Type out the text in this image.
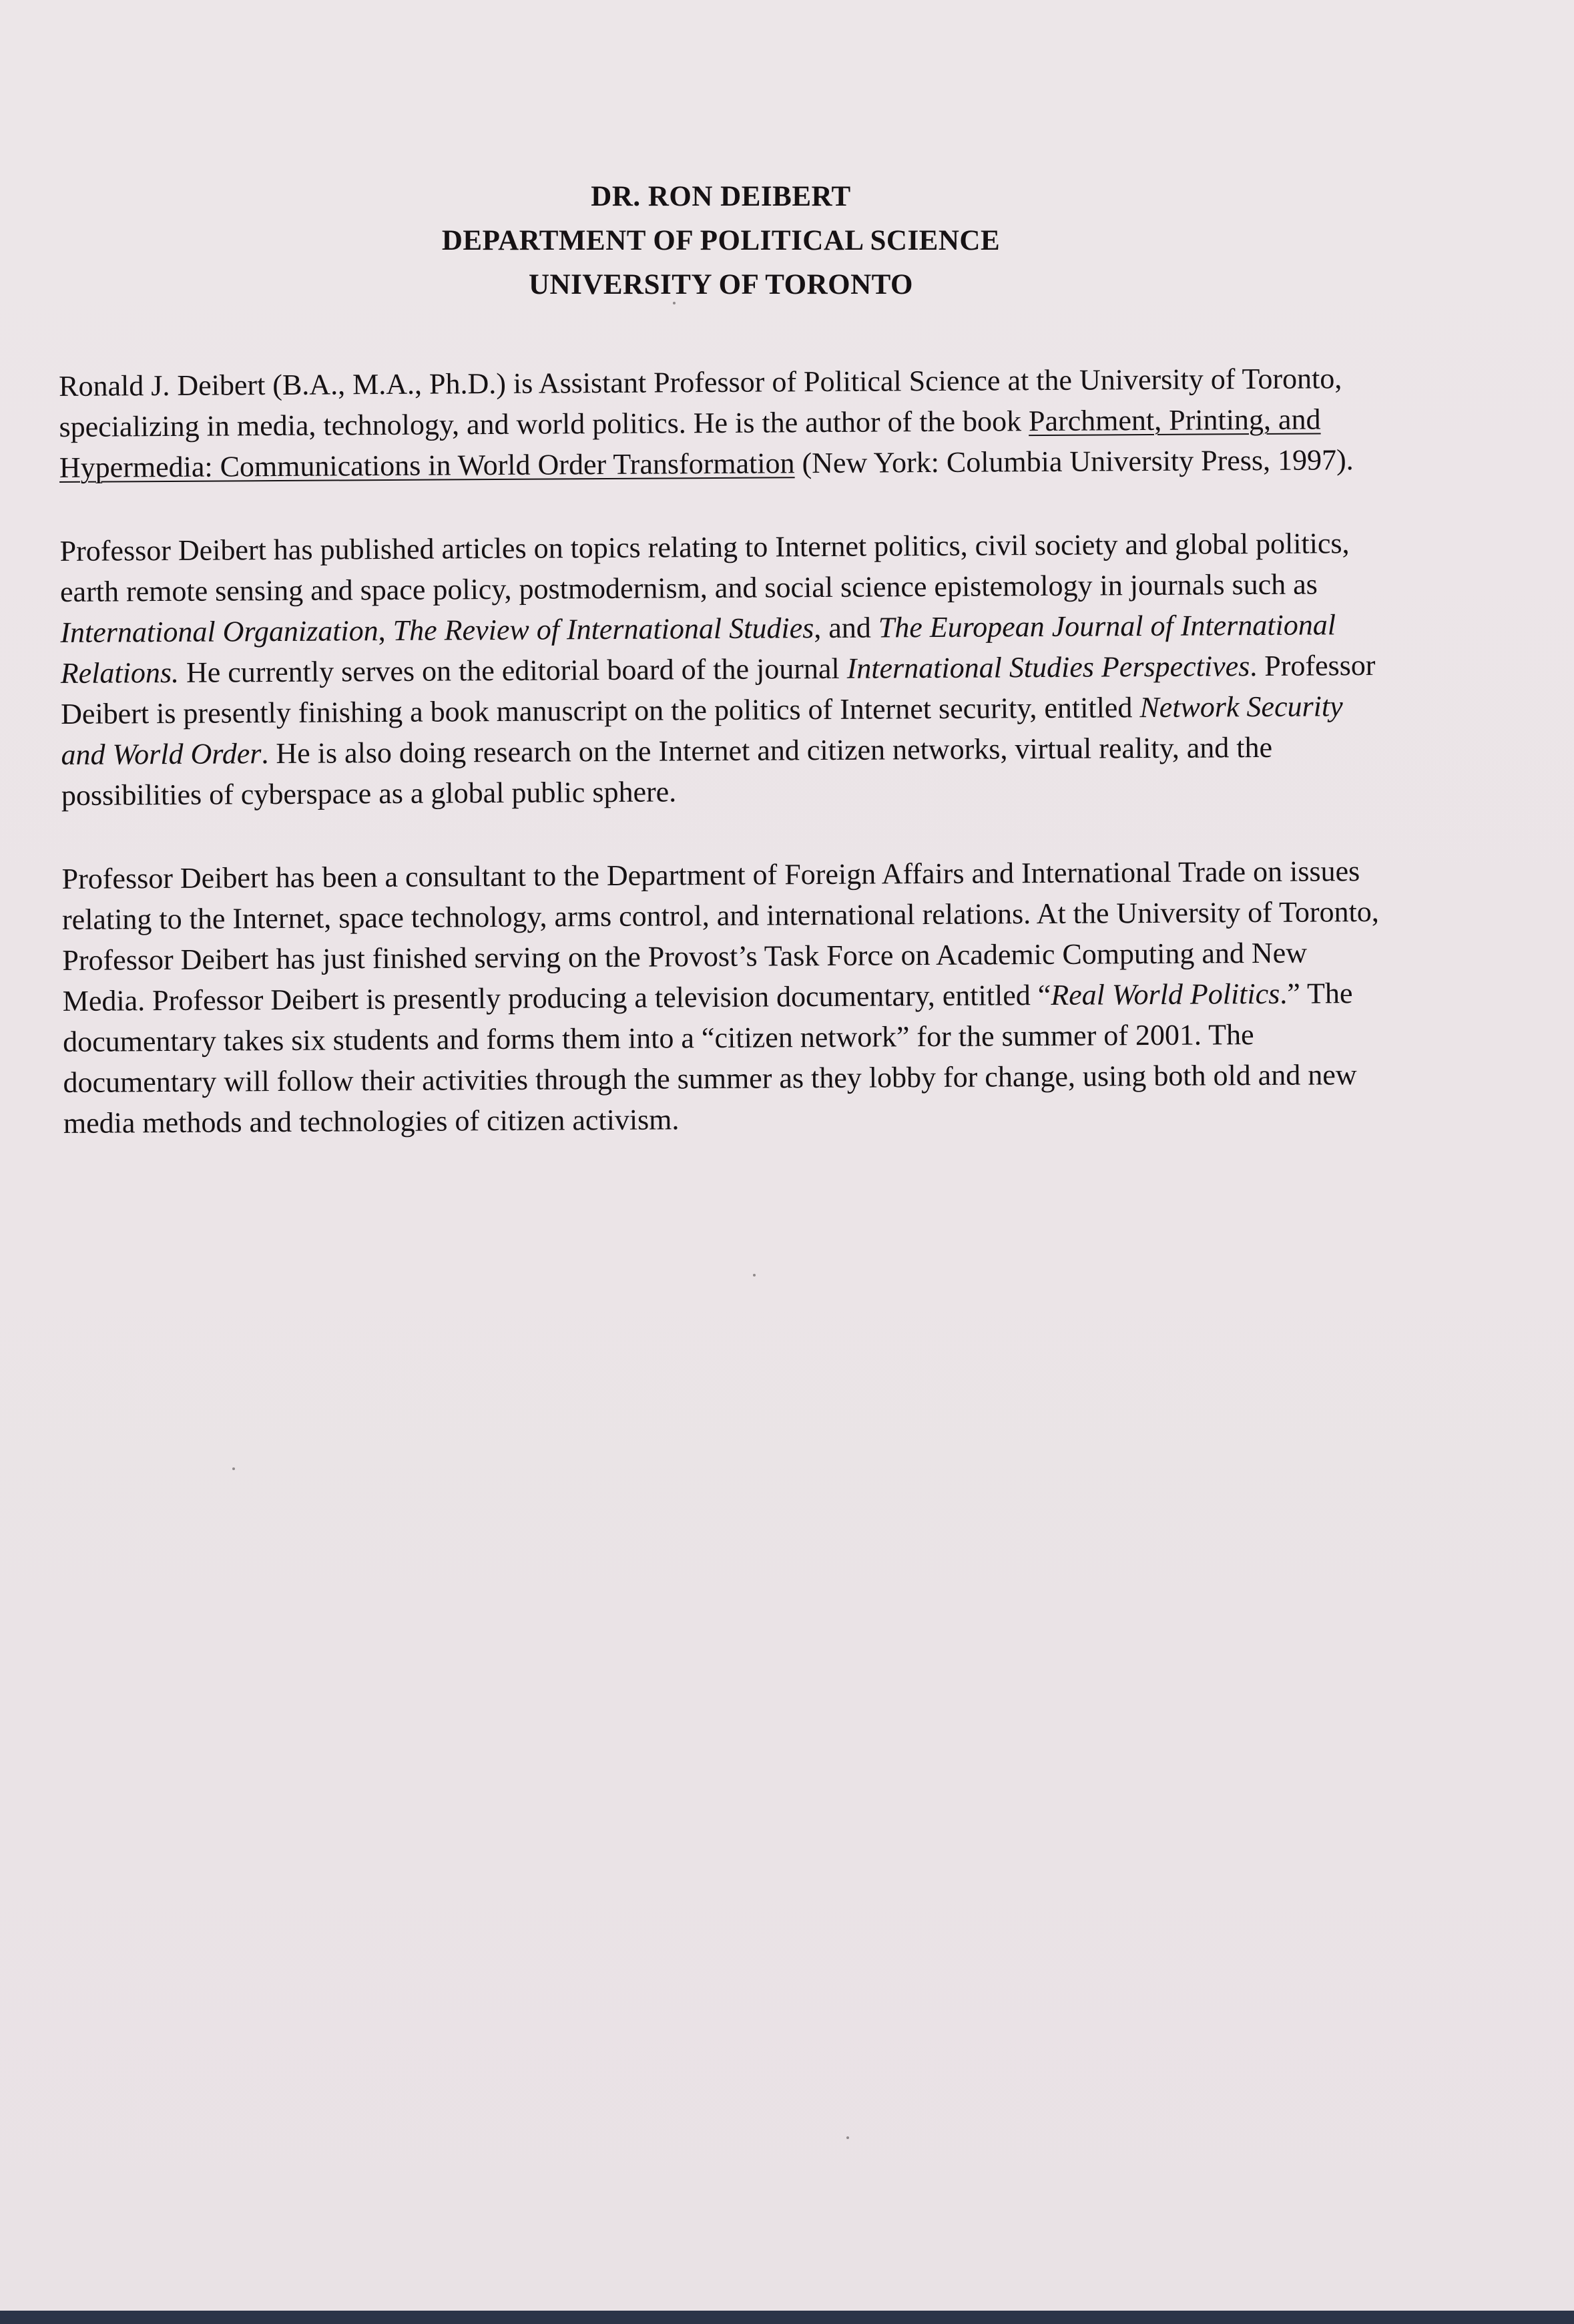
DR. RON DEIBERT
DEPARTMENT OF POLITICAL SCIENCE
UNIVERSITY OF TORONTO

Ronald J. Deibert (B.A., M.A., Ph.D.) is Assistant Professor of Political Science at the University of Toronto, specializing in media, technology, and world politics. He is the author of the book Parchment, Printing, and Hypermedia: Communications in World Order Transformation (New York: Columbia University Press, 1997).

Professor Deibert has published articles on topics relating to Internet politics, civil society and global politics, earth remote sensing and space policy, postmodernism, and social science epistemology in journals such as International Organization, The Review of International Studies, and The European Journal of International Relations. He currently serves on the editorial board of the journal International Studies Perspectives. Professor Deibert is presently finishing a book manuscript on the politics of Internet security, entitled Network Security and World Order. He is also doing research on the Internet and citizen networks, virtual reality, and the possibilities of cyberspace as a global public sphere.

Professor Deibert has been a consultant to the Department of Foreign Affairs and International Trade on issues relating to the Internet, space technology, arms control, and international relations. At the University of Toronto, Professor Deibert has just finished serving on the Provost’s Task Force on Academic Computing and New Media. Professor Deibert is presently producing a television documentary, entitled “Real World Politics.” The documentary takes six students and forms them into a “citizen network” for the summer of 2001. The documentary will follow their activities through the summer as they lobby for change, using both old and new media methods and technologies of citizen activism.
